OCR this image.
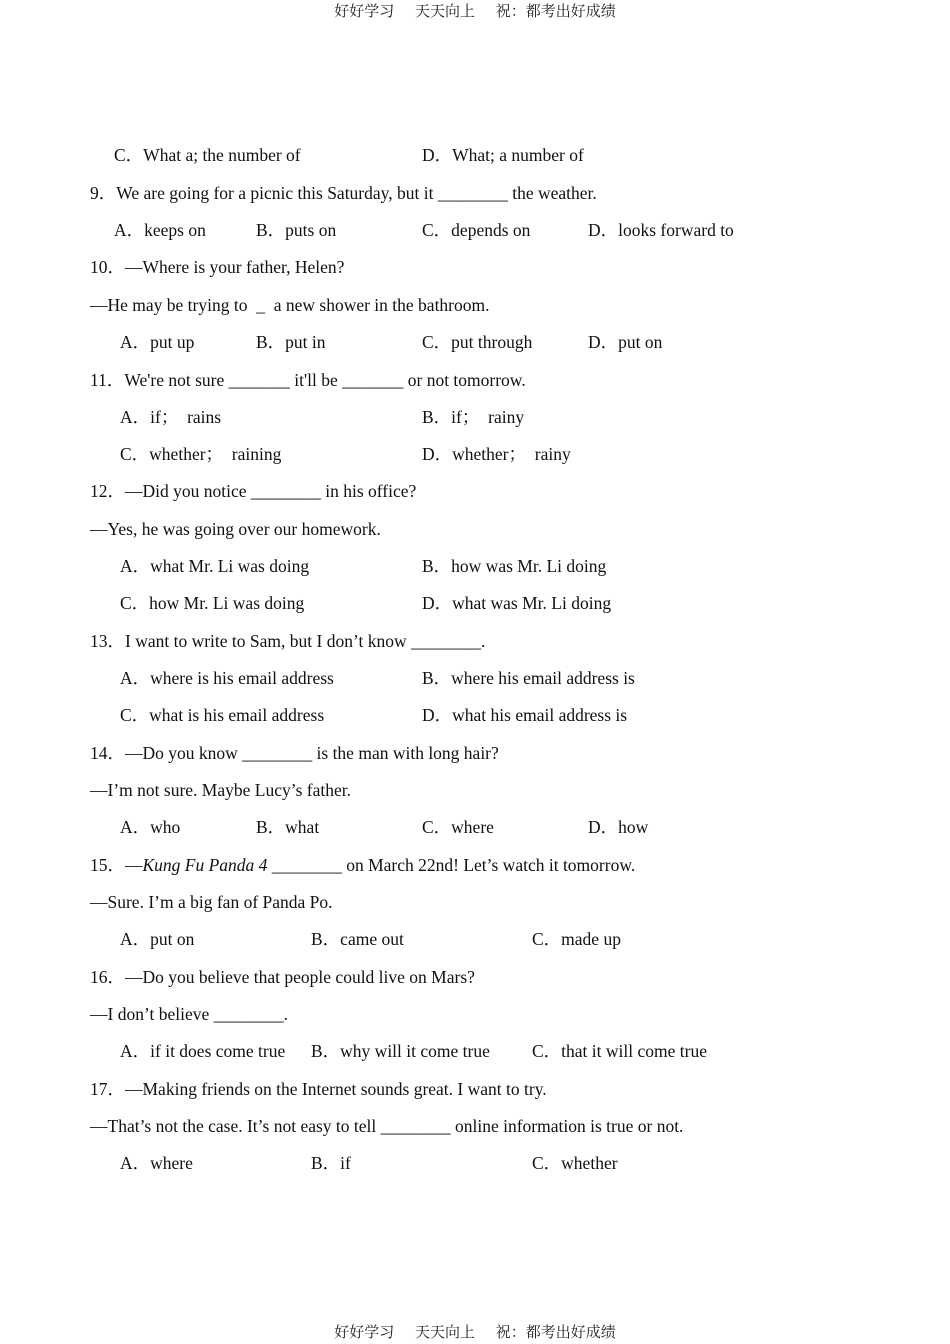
好好学习 天天向上 祝：都考出好成绩
C．What a; the number of	D．What; a number of
9．We are going for a picnic this Saturday, but it ________ the weather.
A．keeps on	B．puts on	C．depends on	D．looks forward to
10．—Where is your father, Helen?
—He may be trying to  _  a new shower in the bathroom.
A．put up	B．put in	C．put through	D．put on
11．We're not sure _______ it'll be _______ or not tomorrow.
A．if；  rains	B．if；  rainy
C．whether；  raining	D．whether；  rainy
12．—Did you notice ________ in his office?
—Yes, he was going over our homework.
A．what Mr. Li was doing	B．how was Mr. Li doing
C．how Mr. Li was doing	D．what was Mr. Li doing
13．I want to write to Sam, but I don’t know ________.
A．where is his email address	B．where his email address is
C．what is his email address	D．what his email address is
14．—Do you know ________ is the man with long hair?
—I’m not sure. Maybe Lucy’s father.
A．who	B．what	C．where	D．how
15．—Kung Fu Panda 4 ________ on March 22nd! Let’s watch it tomorrow.
—Sure. I’m a big fan of Panda Po.
A．put on	B．came out	C．made up
16．—Do you believe that people could live on Mars?
—I don’t believe ________.
A．if it does come true B．why will it come true C．that it will come true
17．—Making friends on the Internet sounds great. I want to try.
—That’s not the case. It’s not easy to tell ________ online information is true or not.
A．where	B．if	C．whether
好好学习 天天向上 祝：都考出好成绩
